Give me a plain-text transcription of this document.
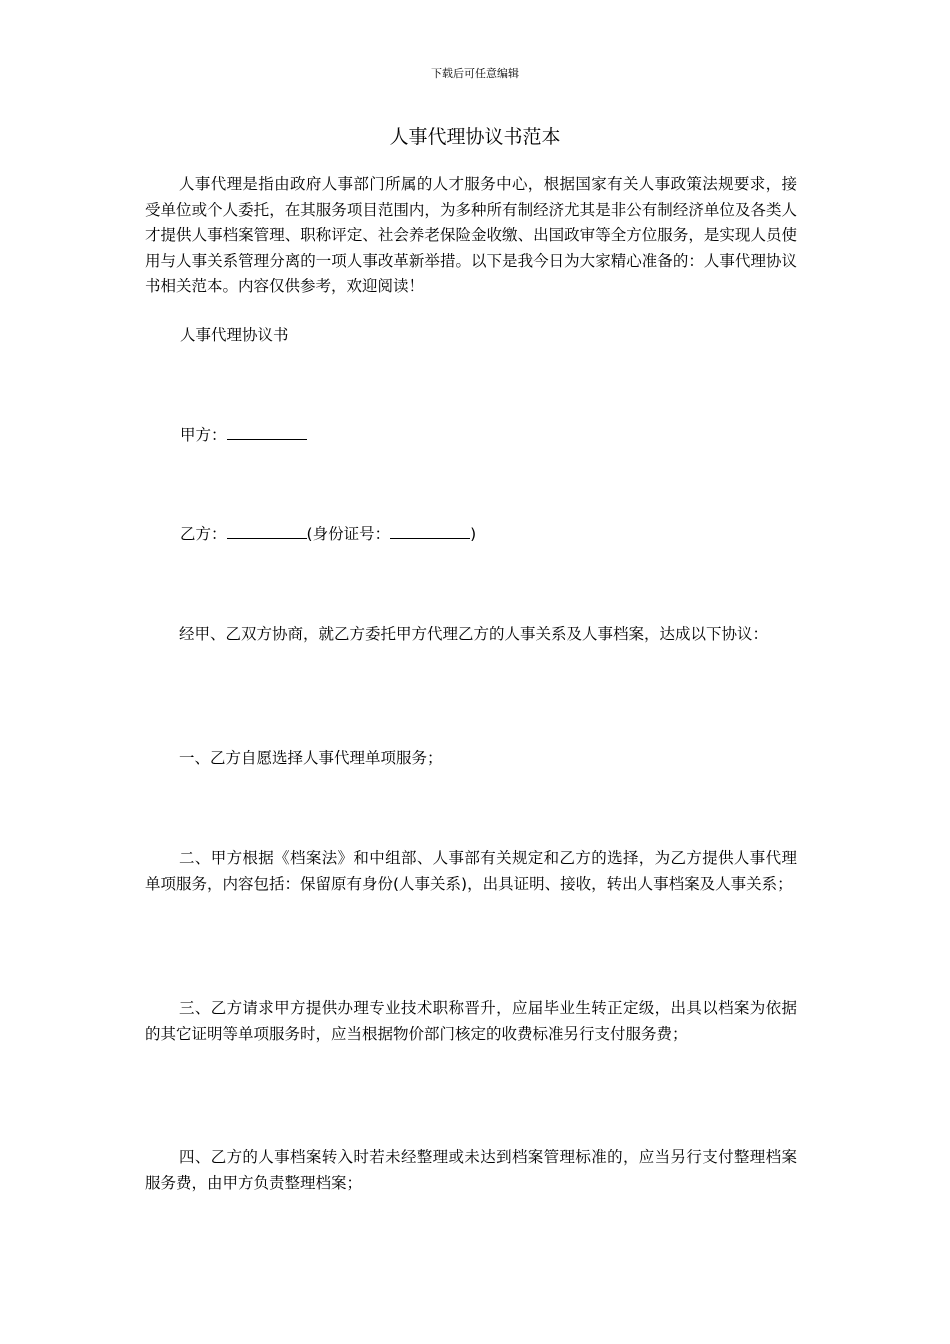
下载后可任意编辑
人事代理协议书范本

人事代理是指由政府人事部门所属的人才服务中心，根据国家有关人事政策法规要求，接受单位或个人委托，在其服务项目范围内，为多种所有制经济尤其是非公有制经济单位及各类人才提供人事档案管理、职称评定、社会养老保险金收缴、出国政审等全方位服务，是实现人员使用与人事关系管理分离的一项人事改革新举措。以下是我今日为大家精心准备的：人事代理协议书相关范本。内容仅供参考，欢迎阅读！

人事代理协议书
甲方：
乙方：	(身份证号：	)

经甲、乙双方协商，就乙方委托甲方代理乙方的人事关系及人事档案，达成以下协议：

一、乙方自愿选择人事代理单项服务；

二、甲方根据《档案法》和中组部、人事部有关规定和乙方的选择，为乙方提供人事代理单项服务，内容包括：保留原有身份(人事关系)，出具证明、接收，转出人事档案及人事关系；

三、乙方请求甲方提供办理专业技术职称晋升，应届毕业生转正定级，出具以档案为依据的其它证明等单项服务时，应当根据物价部门核定的收费标准另行支付服务费；

四、乙方的人事档案转入时若未经整理或未达到档案管理标准的，应当另行支付整理档案服务费，由甲方负责整理档案；
